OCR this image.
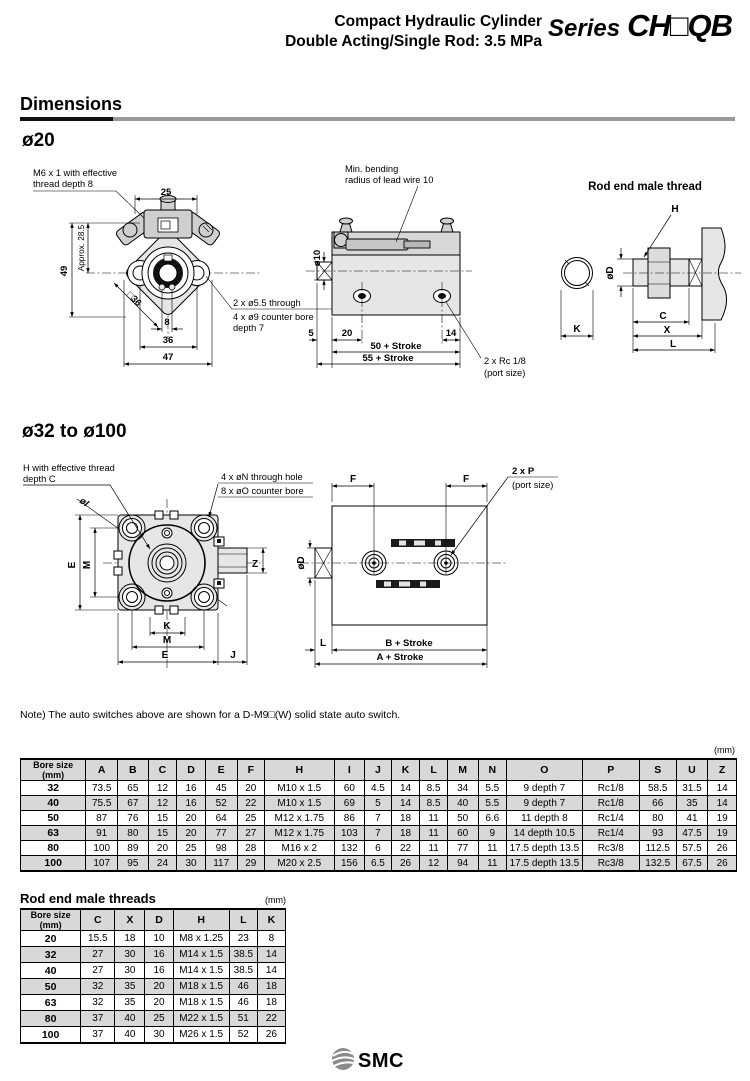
Compact Hydraulic Cylinder
Double Acting/Single Rod: 3.5 MPa Series CH□QB
Dimensions
ø20
M6 x 1 with effective
thread depth 8
25
49 Approx. 28.5
8
36
47
□36	2 x ø5.5 through
4 x ø9 counter bore
depth 7
Min. bending
radius of lead wire 10
ø10
5	20	14
50 + Stroke
55 + Stroke	2 x Rc 1/8
(port size)
Rod end male thread
K
H
øD
C
X
L
ø32 to ø100
H with effective thread
depth C
øI
4 x øN through hole
8 x øO counter bore
E M
K
M
E	J
Z
F	F
2 x P
(port size)
øD
L	B + Stroke
A + Stroke
Note) The auto switches above are shown for a D-M9□(W) solid state auto switch.
(mm)
Bore size (mm)	A	B	C	D	E	F	H	I	J	K	L	M	N	O	P	S	U	Z
32	73.5	65	12	16	45	20	M10 x 1.5	60	4.5	14	8.5	34	5.5	9 depth 7	Rc1/8	58.5	31.5	14
40	75.5	67	12	16	52	22	M10 x 1.5	69	5	14	8.5	40	5.5	9 depth 7	Rc1/8	66	35	14
50	87	76	15	20	64	25	M12 x 1.75	86	7	18	11	50	6.6	11 depth 8	Rc1/4	80	41	19
63	91	80	15	20	77	27	M12 x 1.75	103	7	18	11	60	9	14 depth 10.5	Rc1/4	93	47.5	19
80	100	89	20	25	98	28	M16 x 2	132	6	22	11	77	11	17.5 depth 13.5	Rc3/8	112.5	57.5	26
100	107	95	24	30	117	29	M20 x 2.5	156	6.5	26	12	94	11	17.5 depth 13.5	Rc3/8	132.5	67.5	26
Rod end male threads	(mm)
Bore size (mm)	C	X	D	H	L	K
20	15.5	18	10	M8 x 1.25	23	8
32	27	30	16	M14 x 1.5	38.5	14
40	27	30	16	M14 x 1.5	38.5	14
50	32	35	20	M18 x 1.5	46	18
63	32	35	20	M18 x 1.5	46	18
80	37	40	25	M22 x 1.5	51	22
100	37	40	30	M26 x 1.5	52	26
SMC
